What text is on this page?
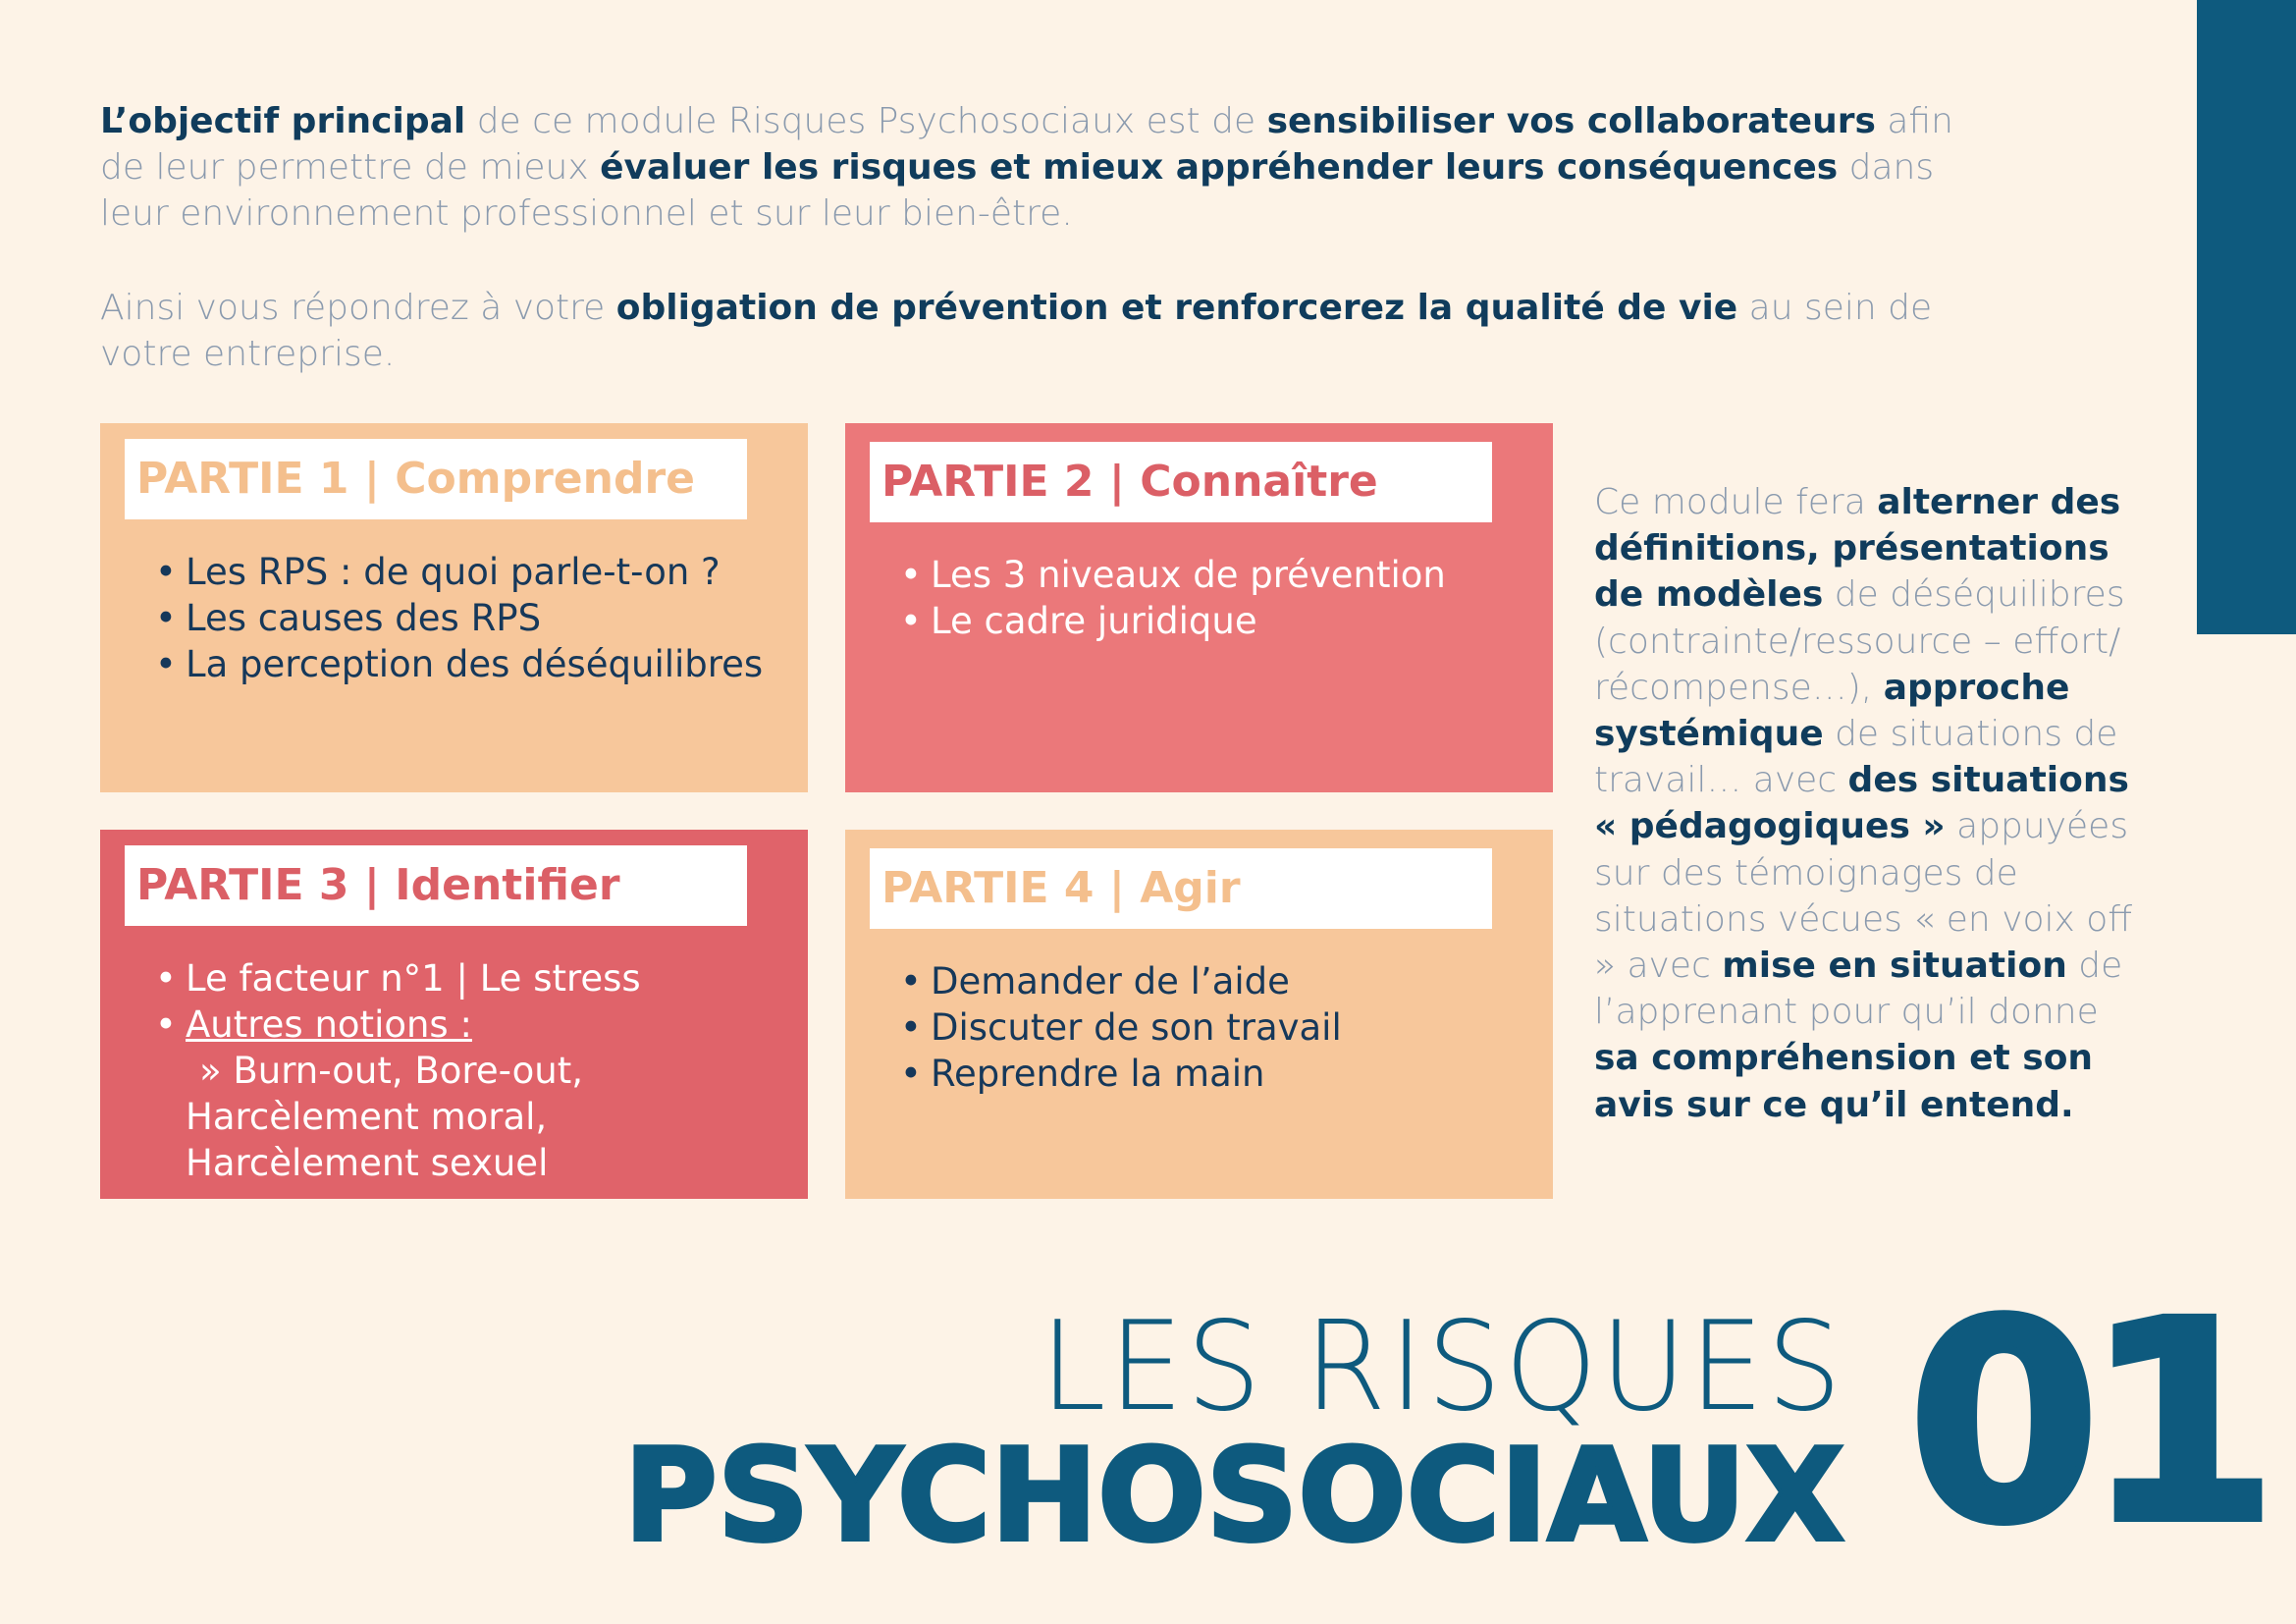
L’objectif principal de ce module Risques Psychosociaux est de sensibiliser vos collaborateurs afin de leur permettre de mieux évaluer les risques et mieux appréhender leurs conséquences dans leur environnement professionnel et sur leur bien-être.

Ainsi vous répondrez à votre obligation de prévention et renforcerez la qualité de vie au sein de votre entreprise.

PARTIE 1 | Comprendre
• Les RPS : de quoi parle-t-on ?
• Les causes des RPS
• La perception des déséquilibres
PARTIE 2 | Connaître
• Les 3 niveaux de prévention
• Le cadre juridique
PARTIE 3 | Identifier
• Le facteur n°1 | Le stress
• Autres notions :
» Burn-out, Bore-out, Harcèlement moral, Harcèlement sexuel
PARTIE 4 | Agir
• Demander de l’aide
• Discuter de son travail
• Reprendre la main

Ce module fera alterner des définitions, présentations de modèles de déséquilibres (contrainte/ressource – effort/ récompense…), approche systémique de situations de travail… avec des situations « pédagogiques » appuyées sur des témoignages de situations vécues « en voix off » avec mise en situation de l’apprenant pour qu’il donne sa compréhension et son avis sur ce qu’il entend.

LES RISQUES
PSYCHOSOCIAUX 01
